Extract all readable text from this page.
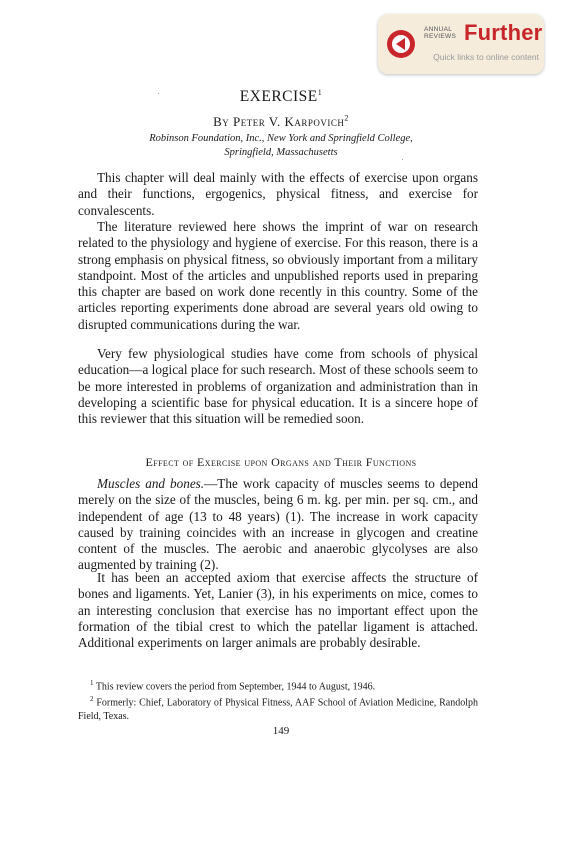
ANNUAL
REVIEWS Further
Quick links to online content
EXERCISE$^1$
By Peter V. Karpovich$^2$
Robinson Foundation, Inc., New York and Springfield College,
Springfield, Massachusetts

This chapter will deal mainly with the effects of exercise upon organs and their functions, ergogenics, physical fitness, and exercise for convalescents.

The literature reviewed here shows the imprint of war on research related to the physiology and hygiene of exercise. For this reason, there is a strong emphasis on physical fitness, so obviously important from a military standpoint. Most of the articles and unpublished reports used in preparing this chapter are based on work done recently in this country. Some of the articles reporting experiments done abroad are several years old owing to disrupted communications during the war.

Very few physiological studies have come from schools of physical education—a logical place for such research. Most of these schools seem to be more interested in problems of organization and administration than in developing a scientific base for physical education. It is a sincere hope of this reviewer that this situation will be remedied soon.

Effect of Exercise upon Organs and Their Functions

Muscles and bones.—The work capacity of muscles seems to depend merely on the size of the muscles, being 6 m. kg. per min. per sq. cm., and independent of age (13 to 48 years) (1). The increase in work capacity caused by training coincides with an increase in glycogen and creatine content of the muscles. The aerobic and anaerobic glycolyses are also augmented by training (2).

It has been an accepted axiom that exercise affects the structure of bones and ligaments. Yet, Lanier (3), in his experiments on mice, comes to an interesting conclusion that exercise has no important effect upon the formation of the tibial crest to which the patellar ligament is attached. Additional experiments on larger animals are probably desirable.

$^1$ This review covers the period from September, 1944 to August, 1946.

$^2$ Formerly: Chief, Laboratory of Physical Fitness, AAF School of Aviation Medicine, Randolph Field, Texas.

149
